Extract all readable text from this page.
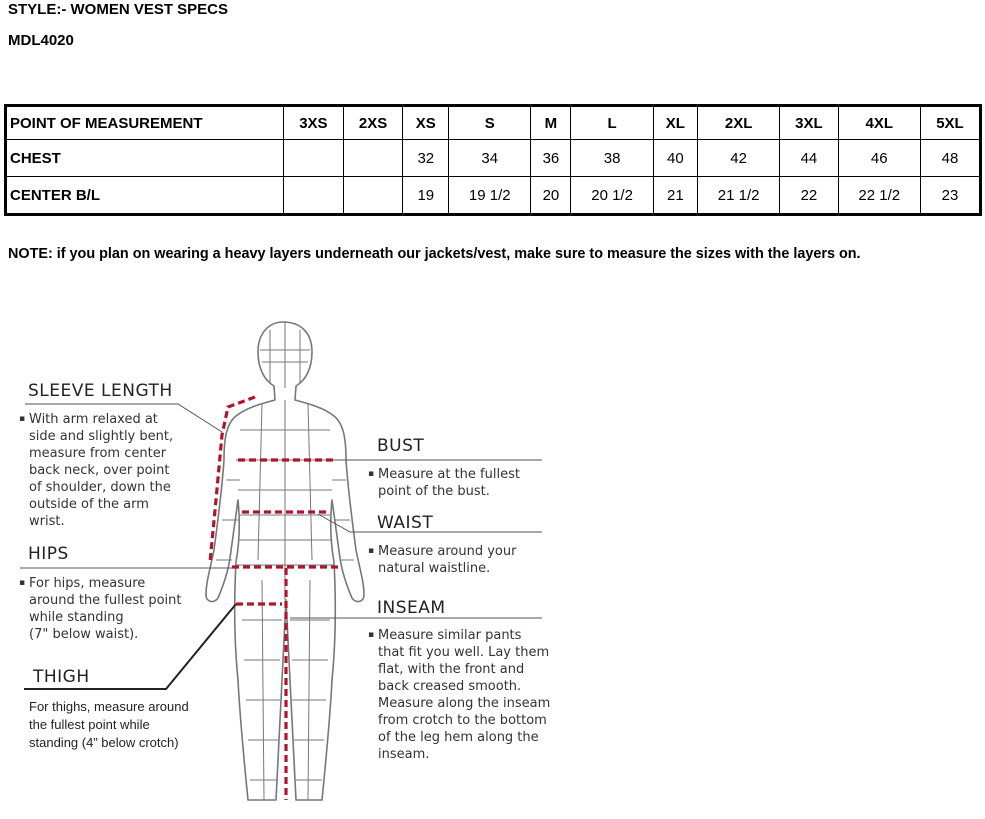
STYLE:- WOMEN VEST SPECS
MDL4020
POINT OF MEASUREMENT	3XS	2XS	XS	S	M	L	XL	2XL	3XL	4XL	5XL
CHEST			32	34	36	38	40	42	44	46	48
CENTER B/L			19	19 1/2	20	20 1/2	21	21 1/2	22	22 1/2	23
NOTE: if you plan on wearing a heavy layers underneath our jackets/vest, make sure to measure the sizes with the layers on.
SLEEVE LENGTH
▪ With arm relaxed at
side and slightly bent,
measure from center
back neck, over point
of shoulder, down the
outside of the arm
wrist.
HIPS
▪ For hips, measure
around the fullest point
while standing
(7" below waist).
THIGH
For thighs, measure around
the fullest point while
standing (4” below crotch)
BUST
▪ Measure at the fullest
point of the bust.
WAIST
▪ Measure around your
natural waistline.
INSEAM
▪ Measure similar pants
that fit you well. Lay them
flat, with the front and
back creased smooth.
Measure along the inseam
from crotch to the bottom
of the leg hem along the
inseam.
